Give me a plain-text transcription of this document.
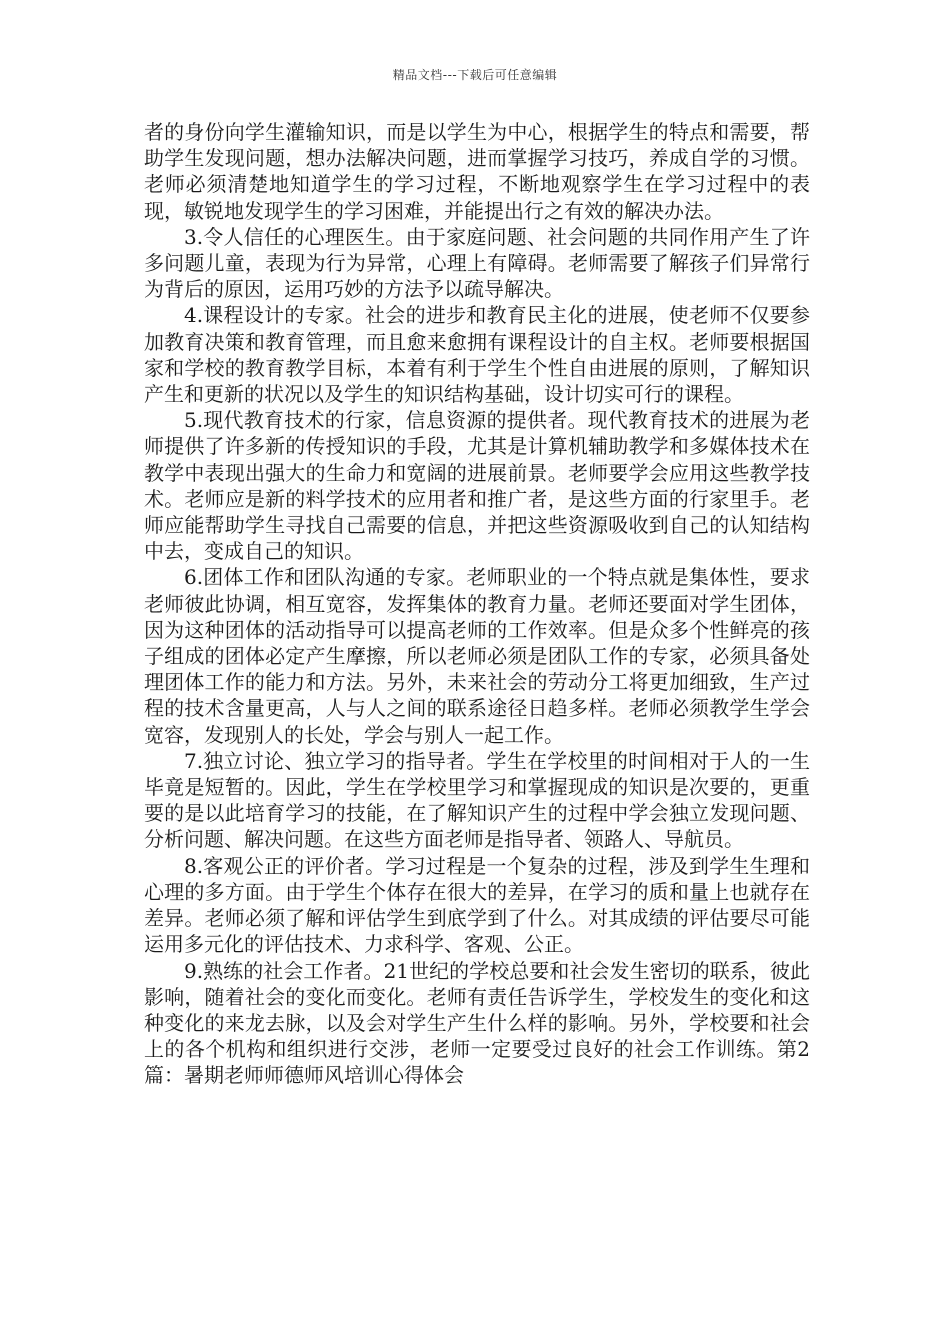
精品文档---下载后可任意编辑

者的身份向学生灌输知识，而是以学生为中心，根据学生的特点和需要，帮助学生发现问题，想办法解决问题，进而掌握学习技巧，养成自学的习惯。老师必须清楚地知道学生的学习过程，不断地观察学生在学习过程中的表现，敏锐地发现学生的学习困难，并能提出行之有效的解决办法。

3.令人信任的心理医生。由于家庭问题、社会问题的共同作用产生了许多问题儿童，表现为行为异常，心理上有障碍。老师需要了解孩子们异常行为背后的原因，运用巧妙的方法予以疏导解决。

4.课程设计的专家。社会的进步和教育民主化的进展，使老师不仅要参加教育决策和教育管理，而且愈来愈拥有课程设计的自主权。老师要根据国家和学校的教育教学目标，本着有利于学生个性自由进展的原则，了解知识产生和更新的状况以及学生的知识结构基础，设计切实可行的课程。

5.现代教育技术的行家，信息资源的提供者。现代教育技术的进展为老师提供了许多新的传授知识的手段，尤其是计算机辅助教学和多媒体技术在教学中表现出强大的生命力和宽阔的进展前景。老师要学会应用这些教学技术。老师应是新的料学技术的应用者和推广者，是这些方面的行家里手。老师应能帮助学生寻找自己需要的信息，并把这些资源吸收到自己的认知结构中去，变成自己的知识。

6.团体工作和团队沟通的专家。老师职业的一个特点就是集体性，要求老师彼此协调，相互宽容，发挥集体的教育力量。老师还要面对学生团体，因为这种团体的活动指导可以提高老师的工作效率。但是众多个性鲜亮的孩子组成的团体必定产生摩擦，所以老师必须是团队工作的专家，必须具备处理团体工作的能力和方法。另外，未来社会的劳动分工将更加细致，生产过程的技术含量更高，人与人之间的联系途径日趋多样。老师必须教学生学会宽容，发现别人的长处，学会与别人一起工作。

7.独立讨论、独立学习的指导者。学生在学校里的时间相对于人的一生毕竟是短暂的。因此，学生在学校里学习和掌握现成的知识是次要的，更重要的是以此培育学习的技能，在了解知识产生的过程中学会独立发现问题、分析问题、解决问题。在这些方面老师是指导者、领路人、导航员。

8.客观公正的评价者。学习过程是一个复杂的过程，涉及到学生生理和心理的多方面。由于学生个体存在很大的差异，在学习的质和量上也就存在差异。老师必须了解和评估学生到底学到了什么。对其成绩的评估要尽可能运用多元化的评估技术、力求科学、客观、公正。

9.熟练的社会工作者。21世纪的学校总要和社会发生密切的联系，彼此影响，随着社会的变化而变化。老师有责任告诉学生，学校发生的变化和这种变化的来龙去脉，以及会对学生产生什么样的影响。另外，学校要和社会上的各个机构和组织进行交涉，老师一定要受过良好的社会工作训练。第2篇：暑期老师师德师风培训心得体会
